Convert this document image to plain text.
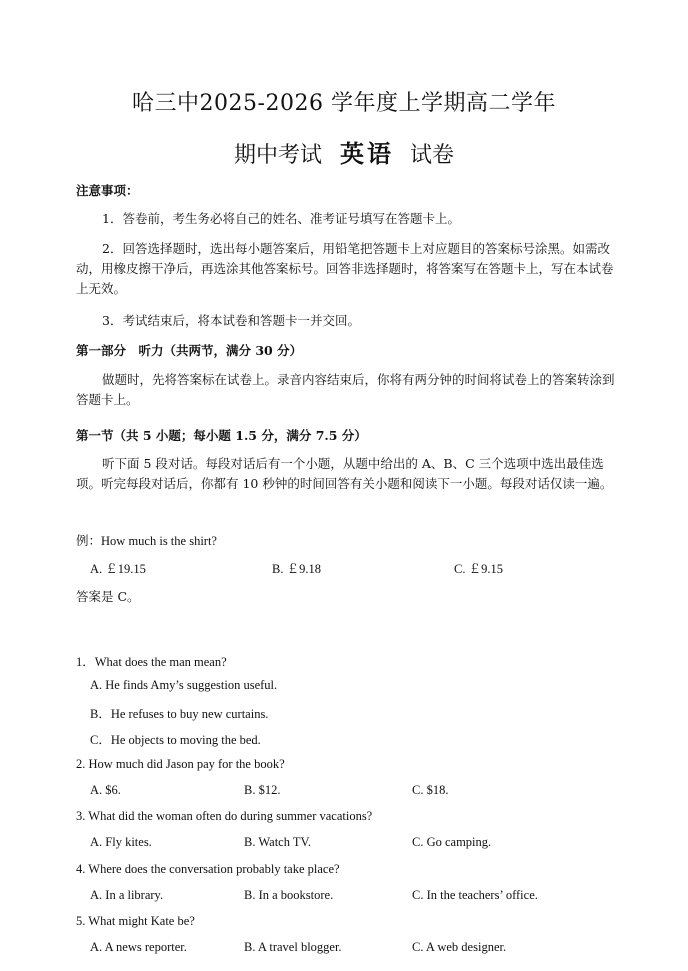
哈三中2025-2026 学年度上学期高二学年
期中考试 英语 试卷
注意事项：
1．答卷前，考生务必将自己的姓名、准考证号填写在答题卡上。
2．回答选择题时，选出每小题答案后，用铅笔把答题卡上对应题目的答案标号涂黑。如需改动，用橡皮擦干净后，再选涂其他答案标号。回答非选择题时，将答案写在答题卡上，写在本试卷上无效。
3．考试结束后，将本试卷和答题卡一并交回。
第一部分　听力（共两节，满分 30 分）
做题时，先将答案标在试卷上。录音内容结束后，你将有两分钟的时间将试卷上的答案转涂到答题卡上。
第一节（共 5 小题；每小题 1.5 分，满分 7.5 分）
听下面 5 段对话。每段对话后有一个小题，从题中给出的 A、B、C 三个选项中选出最佳选项。听完每段对话后，你都有 10 秒钟的时间回答有关小题和阅读下一小题。每段对话仅读一遍。
例：How much is the shirt?
A. ￡19.15	B. ￡9.18	C. ￡9.15
答案是 C。
1．What does the man mean?
A. He finds Amy’s suggestion useful.
B．He refuses to buy new curtains.
C．He objects to moving the bed.
2. How much did Jason pay for the book?
A. $6.	B. $12.	C. $18.
3. What did the woman often do during summer vacations?
A. Fly kites.	B. Watch TV.	C. Go camping.
4. Where does the conversation probably take place?
A. In a library.	B. In a bookstore.	C. In the teachers’ office.
5. What might Kate be?
A. A news reporter.	B. A travel blogger.	C. A web designer.
